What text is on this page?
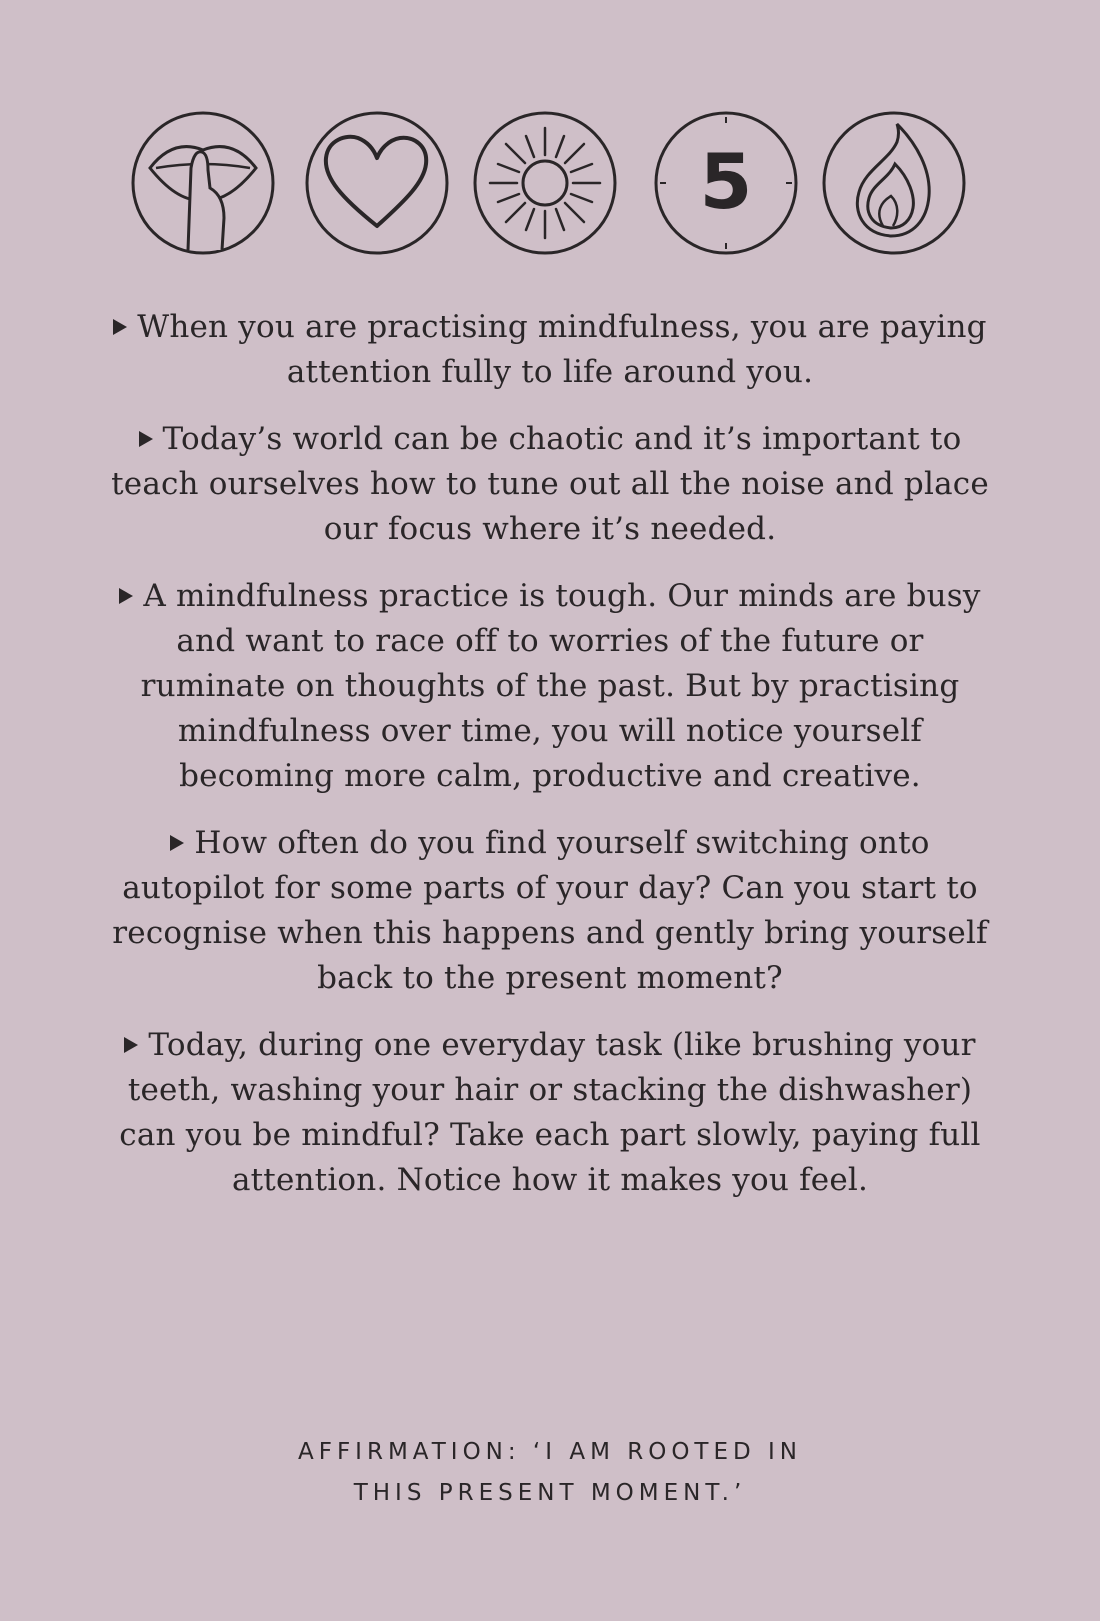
5

When you are practising mindfulness, you are paying attention fully to life around you.

Today’s world can be chaotic and it’s important to teach ourselves how to tune out all the noise and place our focus where it’s needed.

A mindfulness practice is tough. Our minds are busy and want to race off to worries of the future or ruminate on thoughts of the past. But by practising mindfulness over time, you will notice yourself becoming more calm, productive and creative.

How often do you find yourself switching onto autopilot for some parts of your day? Can you start to recognise when this happens and gently bring yourself back to the present moment?

Today, during one everyday task (like brushing your teeth, washing your hair or stacking the dishwasher) can you be mindful? Take each part slowly, paying full attention. Notice how it makes you feel.

AFFIRMATION: ‘I AM ROOTED IN
THIS PRESENT MOMENT.’
